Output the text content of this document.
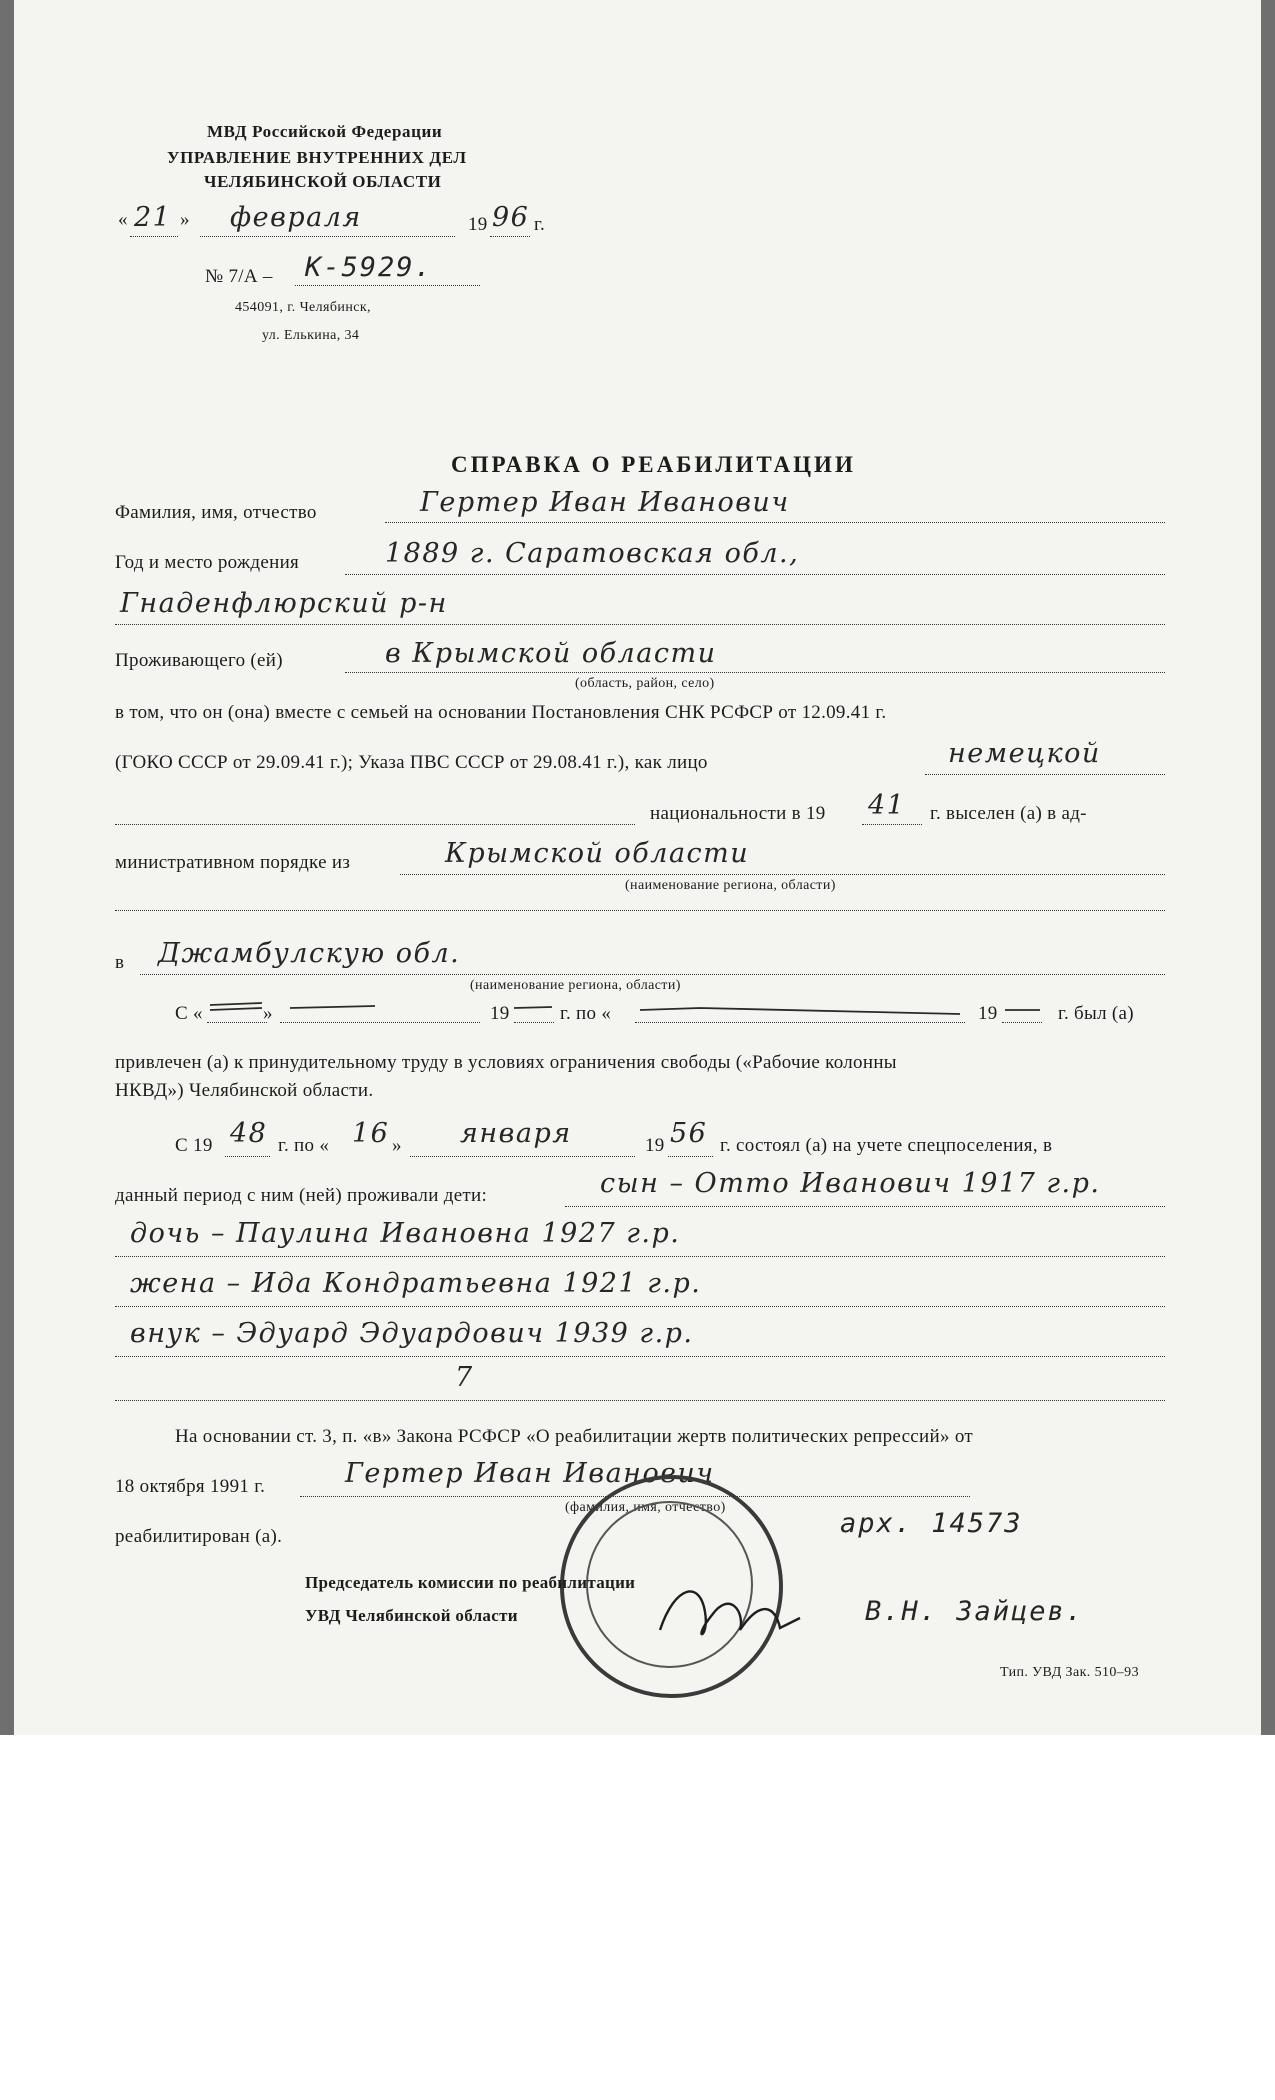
МВД Российской Федерации
УПРАВЛЕНИЕ ВНУТРЕННИХ ДЕЛ
ЧЕЛЯБИНСКОЙ ОБЛАСТИ
« 21 » февраля	19 96 г.
№ 7/А – К-5929.
454091, г. Челябинск,
ул. Елькина, 34
СПРАВКА О РЕАБИЛИТАЦИИ
Фамилия, имя, отчество	Гертер Иван Иванович
Год и место рождения	1889 г. Саратовская обл.,
Гнаденфлюрский р-н
Проживающего (ей)	в Крымской области
(область, район, село)
в том, что он (она) вместе с семьей на основании Постановления СНК РСФСР от 12.09.41 г.
(ГОКО СССР от 29.09.41 г.); Указа ПВС СССР от 29.08.41 г.), как лицо	немецкой
национальности в 19 41 г. выселен (а) в ад-
министративном порядке из	Крымской области
(наименование региона, области)
в Джамбулскую обл.
(наименование региона, области)
С «	»	19	г. по «	19	г. был (а)
привлечен (а) к принудительному труду в условиях ограничения свободы («Рабочие колонны
НКВД») Челябинской области.
С 19 48 г. по « 16 » января	19 56 г. состоял (а) на учете спецпоселения, в
данный период с ним (ней) проживали дети:	сын – Отто Иванович 1917 г.р.
дочь – Паулина Ивановна 1927 г.р.
жена – Ида Кондратьевна 1921 г.р.
внук – Эдуард Эдуардович 1939 г.р.
7
На основании ст. 3, п. «в» Закона РСФСР «О реабилитации жертв политических репрессий» от
18 октября 1991 г.	Гертер Иван Иванович
(фамилия, имя, отчество)
реабилитирован (а).	арх. 14573
Председатель комиссии по реабилитации
УВД Челябинской области	В.Н. Зайцев.
Тип. УВД Зак. 510–93
